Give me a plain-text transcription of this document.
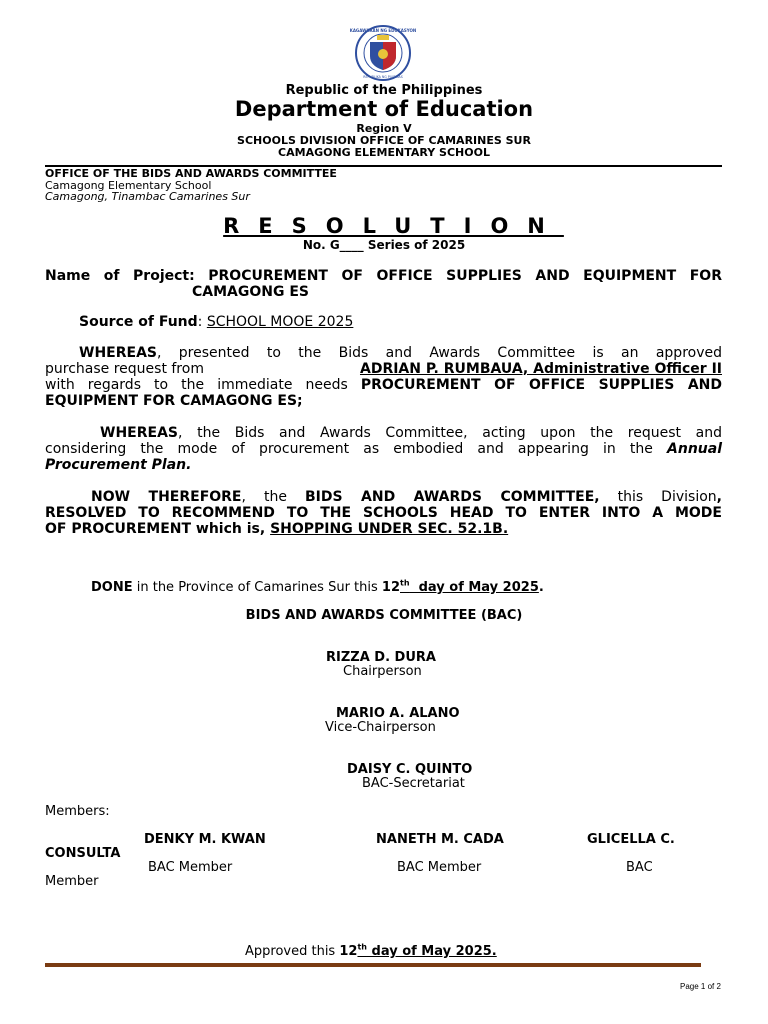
KAGAWARAN NG EDUKASYON
REPUBLIKA NG PILIPINAS
Republic of the Philippines
Department of Education
Region V
SCHOOLS DIVISION OFFICE OF CAMARINES SUR
CAMAGONG ELEMENTARY SCHOOL
OFFICE OF THE BIDS AND AWARDS COMMITTEE
Camagong Elementary School
Camagong, Tinambac Camarines Sur
RESOLUTION
No. G____ Series of 2025
Name of Project: PROCUREMENT OF OFFICE SUPPLIES AND EQUIPMENT FOR
CAMAGONG ES
Source of Fund: SCHOOL MOOE 2025
WHEREAS, presented to the Bids and Awards Committee is an approved
purchase request from	ADRIAN P. RUMBAUA, Administrative Officer II
with regards to the immediate needs PROCUREMENT OF OFFICE SUPPLIES AND
EQUIPMENT FOR CAMAGONG ES;
WHEREAS, the Bids and Awards Committee, acting upon the request and
considering the mode of procurement as embodied and appearing in the Annual
Procurement Plan.
NOW THEREFORE, the BIDS AND AWARDS COMMITTEE, this Division,
RESOLVED TO RECOMMEND TO THE SCHOOLS HEAD TO ENTER INTO A MODE
OF PROCUREMENT which is, SHOPPING UNDER SEC. 52.1B.
DONE in the Province of Camarines Sur this 12th  day of May 2025.
BIDS AND AWARDS COMMITTEE (BAC)
RIZZA D. DURA
Chairperson
MARIO A. ALANO
Vice-Chairperson
DAISY C. QUINTO
BAC-Secretariat
Members:
DENKY M. KWAN	NANETH M. CADA	GLICELLA C.
CONSULTA
BAC Member	BAC Member	BAC
Member
Approved this 12th day of May 2025.
Page 1 of 2
